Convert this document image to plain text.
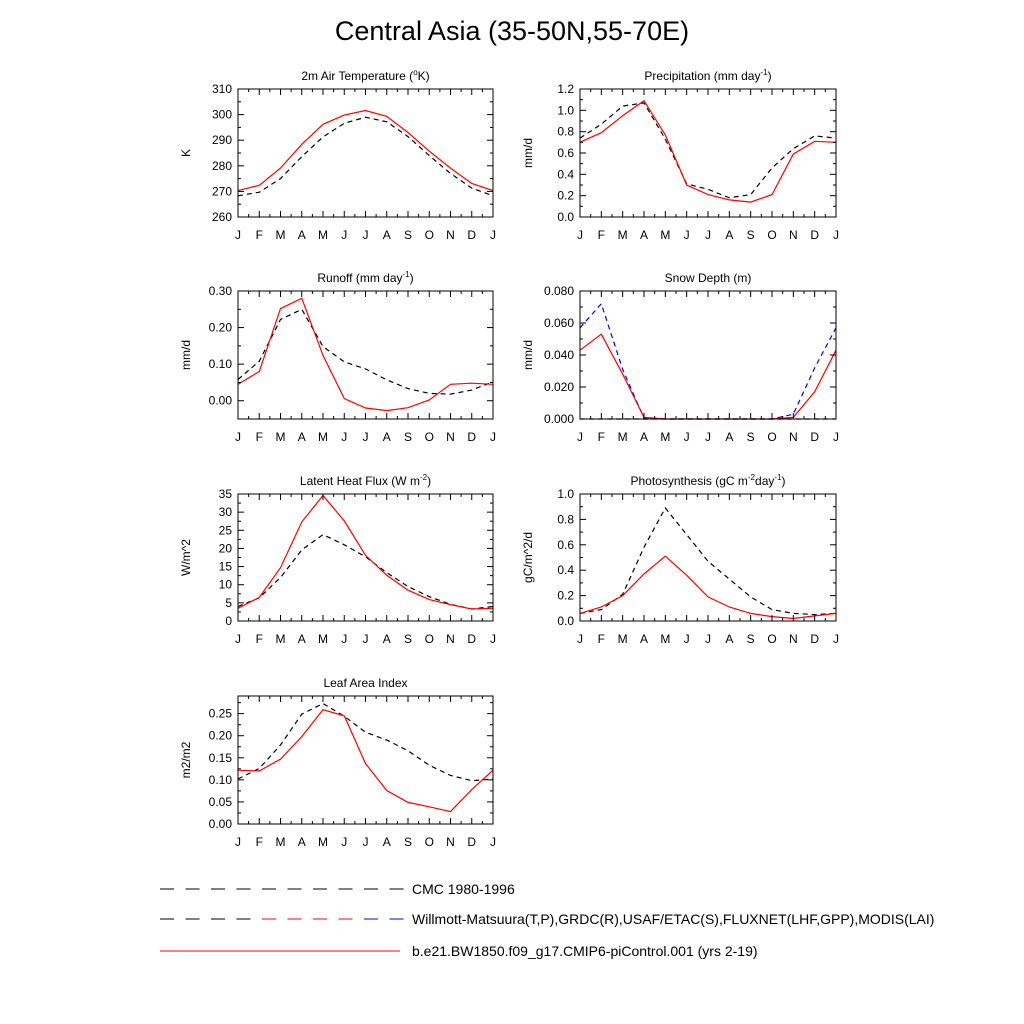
Central Asia (35-50N,55-70E)
J F M A M J J A S O N D J
260
270
280
290
300
310
K
2m Air Temperature ($^o$K)
J F M A M J J A S O N D J
0.0
0.2
0.4
0.6
0.8
1.0
1.2
mm/d
Precipitation (mm day$^{-1}$)
J F M A M J J A S O N D J
0.00
0.10
0.20
0.30
mm/d
Runoff (mm day$^{-1}$)
J F M A M J J A S O N D J
0.000
0.020
0.040
0.060
0.080
mm/d
Snow Depth (m)
J F M A M J J A S O N D J
0
5
10
15
20
25
30
35
W/m^2
Latent Heat Flux (W $m^{-2}$)
J F M A M J J A S O N D J
0.0
0.2
0.4
0.6
0.8
1.0
gC/m^2/d
Photosynthesis (gC $m^{-2}day^{-1}$)
J F M A M J J A S O N D J
0.00
0.05
0.10
0.15
0.20
0.25
m2/m2
Leaf Area Index
CMC 1980-1996
Willmott-Matsuura(T,P),GRDC(R),USAF/ETAC(S),FLUXNET(LHF,GPP),MODIS(LAI)
b.e21.BW1850.f09_g17.CMIP6-piControl.001 (yrs 2-19)
